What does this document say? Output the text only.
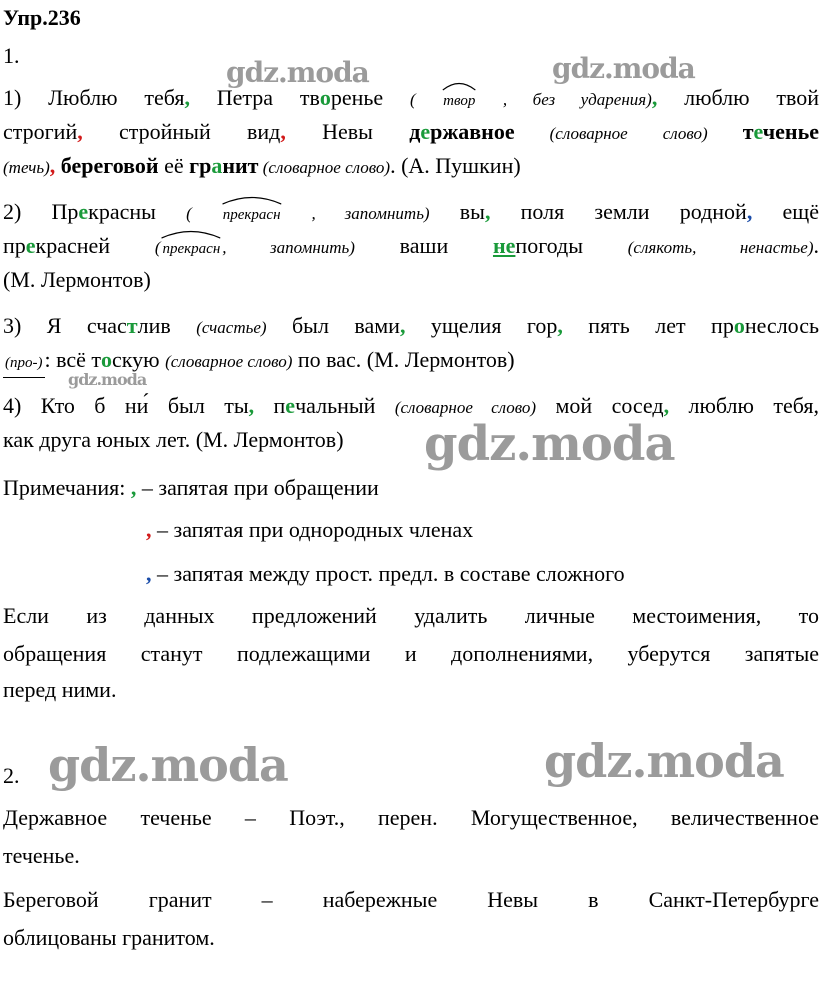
gdz.moda	gdz.moda
gdz.moda
gdz.moda
gdz.moda	gdz.moda
Упр.236
1.
1) Люблю тебя, Петра творенье (
твор , без ударения), люблю твой
строгий, стройный вид, Невы державное (словарное слово) теченье
(течь), береговой её гранит (словарное слово). (А. Пушкин)
2) Прекрасны (
прекрасн , запомнить) вы, поля земли родной, ещё
прекрасней ( прекрасн , запомнить) ваши непогоды (слякоть, ненастье).
(М. Лермонтов)
3) Я счастлив (счастье) был вами, ущелия гор, пять лет пронеслось
(про-): всё тоскую (словарное слово) по вас. (М. Лермонтов)
4) Кто б ни́ был ты, печальный (словарное слово) мой сосед, люблю тебя,
как друга юных лет. (М. Лермонтов)
Примечания: , – запятая при обращении
, – запятая при однородных членах
, – запятая между прост. предл. в составе сложного
Если из данных предложений удалить личные местоимения, то
обращения станут подлежащими и дополнениями, уберутся запятые
перед ними.
2.
Державное теченье – Поэт., перен. Могущественное, величественное
теченье.
Береговой гранит – набережные Невы в Санкт-Петербурге
облицованы гранитом.
